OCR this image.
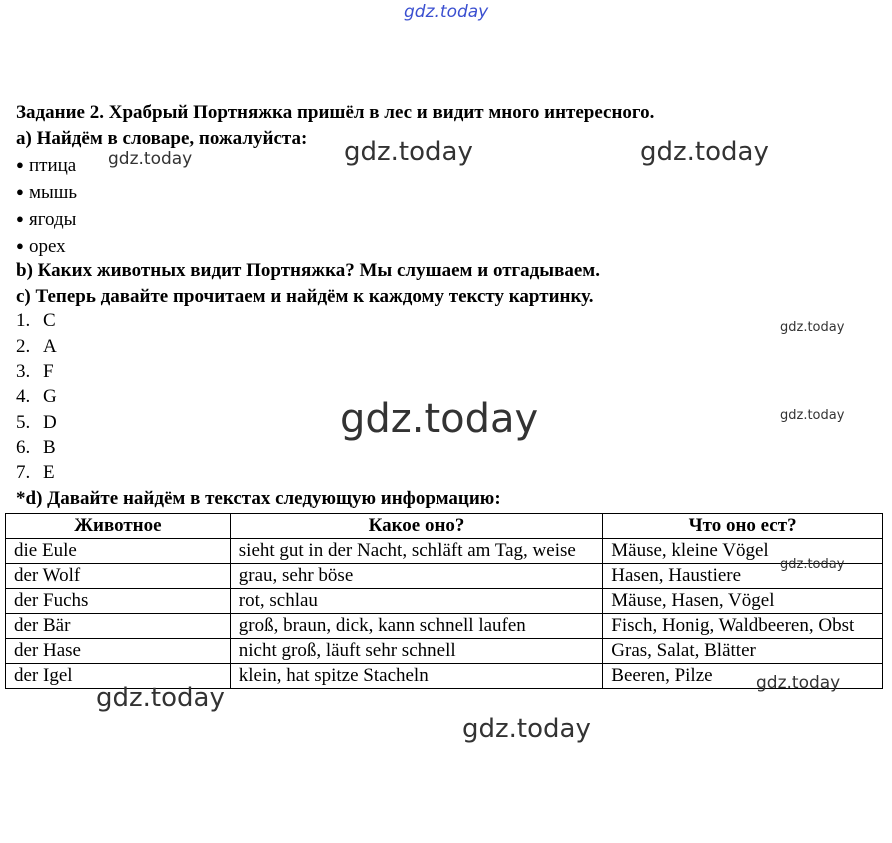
Задание 2. Храбрый Портняжка пришёл в лес и видит много интересного.
a) Найдём в словаре, пожалуйста:
● птица
● мышь
● ягоды
● орех
b) Каких животных видит Портняжка? Мы слушаем и отгадываем.
c) Теперь давайте прочитаем и найдём к каждому тексту картинку.
1. C
2. A
3. F
4. G
5. D
6. B
7. E
*d) Давайте найдём в текстах следующую информацию:
Животное	Какое оно?	Что оно ест?
die Eule	sieht gut in der Nacht, schläft am Tag, weise	Mäuse, kleine Vögel
der Wolf	grau, sehr böse	Hasen, Haustiere
der Fuchs	rot, schlau	Mäuse, Hasen, Vögel
der Bär	groß, braun, dick, kann schnell laufen	Fisch, Honig, Waldbeeren, Obst
der Hase	nicht groß, läuft sehr schnell	Gras, Salat, Blätter
der Igel	klein, hat spitze Stacheln	Beeren, Pilze
gdz.today
gdz.today	gdz.today
gdz.today
gdz.today
gdz.today	gdz.today
gdz.today
gdz.today
gdz.today
gdz.today
